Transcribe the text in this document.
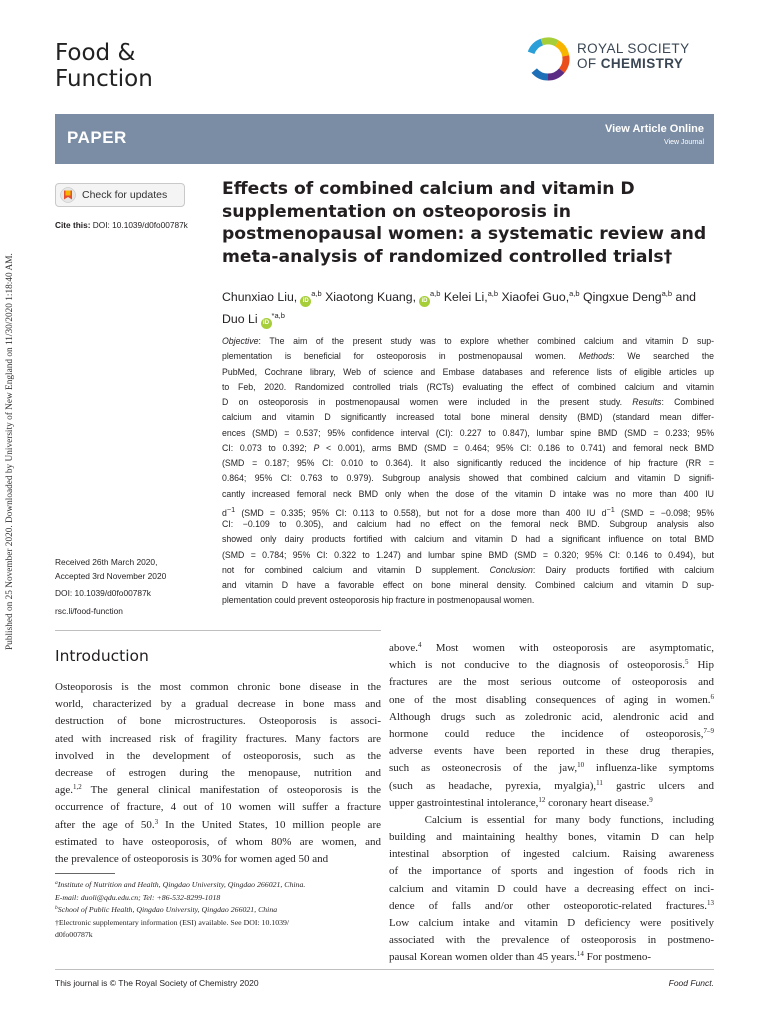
Published on 25 November 2020. Downloaded by University of New England on 11/30/2020 1:18:40 AM.
Food &
Function
ROYAL SOCIETY
OF CHEMISTRY
PAPER	View Article Online
View Journal
Check for updates
Cite this: DOI: 10.1039/d0fo00787k
Effects of combined calcium and vitamin D supplementation on osteoporosis in postmenopausal women: a systematic review and meta-analysis of randomized controlled trials†
Chunxiao Liu, iD$^{a,b}$ Xiaotong Kuang, iD$^{a,b}$ Kelei Li,$^{a,b}$ Xiaofei Guo,$^{a,b}$ Qingxue Deng$^{a,b}$ and Duo Li iD$^{*a,b}$
Objective: The aim of the present study was to explore whether combined calcium and vitamin D sup-
plementation is beneficial for osteoporosis in postmenopausal women. Methods: We searched the
PubMed, Cochrane library, Web of science and Embase databases and reference lists of eligible articles up
to Feb, 2020. Randomized controlled trials (RCTs) evaluating the effect of combined calcium and vitamin
D on osteoporosis in postmenopausal women were included in the present study. Results: Combined
calcium and vitamin D significantly increased total bone mineral density (BMD) (standard mean differ-
ences (SMD) = 0.537; 95% confidence interval (CI): 0.227 to 0.847), lumbar spine BMD (SMD = 0.233; 95%
CI: 0.073 to 0.392; P < 0.001), arms BMD (SMD = 0.464; 95% CI: 0.186 to 0.741) and femoral neck BMD
(SMD = 0.187; 95% CI: 0.010 to 0.364). It also significantly reduced the incidence of hip fracture (RR =
0.864; 95% CI: 0.763 to 0.979). Subgroup analysis showed that combined calcium and vitamin D signifi-
cantly increased femoral neck BMD only when the dose of the vitamin D intake was no more than 400 IU
$d^{-1}$ (SMD = 0.335; 95% CI: 0.113 to 0.558), but not for a dose more than 400 IU $d^{-1}$ (SMD = −0.098; 95%
CI: −0.109 to 0.305), and calcium had no effect on the femoral neck BMD. Subgroup analysis also
showed only dairy products fortified with calcium and vitamin D had a significant influence on total BMD
(SMD = 0.784; 95% CI: 0.322 to 1.247) and lumbar spine BMD (SMD = 0.320; 95% CI: 0.146 to 0.494), but
not for combined calcium and vitamin D supplement. Conclusion: Dairy products fortified with calcium
and vitamin D have a favorable effect on bone mineral density. Combined calcium and vitamin D sup-
plementation could prevent osteoporosis hip fracture in postmenopausal women.
Received 26th March 2020,
Accepted 3rd November 2020
DOI: 10.1039/d0fo00787k
rsc.li/food-function
Introduction
Osteoporosis is the most common chronic bone disease in the
world, characterized by a gradual decrease in bone mass and
destruction of bone microstructures. Osteoporosis is associ-
ated with increased risk of fragility fractures. Many factors are
involved in the development of osteoporosis, such as the
decrease of estrogen during the menopause, nutrition and
age.$^{1,2}$ The general clinical manifestation of osteoporosis is the
occurrence of fracture, 4 out of 10 women will suffer a fracture
after the age of 50.$^3$ In the United States, 10 million people are
estimated to have osteoporosis, of whom 80% are women, and
the prevalence of osteoporosis is 30% for women aged 50 and
above.$^4$ Most women with osteoporosis are asymptomatic,
which is not conducive to the diagnosis of osteoporosis.$^5$ Hip
fractures are the most serious outcome of osteoporosis and
one of the most disabling consequences of aging in women.$^6$
Although drugs such as zoledronic acid, alendronic acid and
hormone could reduce the incidence of osteoporosis,$^{7-9}$
adverse events have been reported in these drug therapies,
such as osteonecrosis of the jaw,$^{10}$ influenza-like symptoms
(such as headache, pyrexia, myalgia),$^{11}$ gastric ulcers and
upper gastrointestinal intolerance,$^{12}$ coronary heart disease.$^9$
Calcium is essential for many body functions, including
building and maintaining healthy bones, vitamin D can help
intestinal absorption of ingested calcium. Raising awareness
of the importance of sports and ingestion of foods rich in
calcium and vitamin D could have a decreasing effect on inci-
dence of falls and/or other osteoporotic-related fractures.$^{13}$
Low calcium intake and vitamin D deficiency were positively
associated with the prevalence of osteoporosis in postmeno-
pausal Korean women older than 45 years.$^{14}$ For postmeno-
$^a$Institute of Nutrition and Health, Qingdao University, Qingdao 266021, China.
E-mail: duoli@qdu.edu.cn; Tel: +86-532-8299-1018
$^b$School of Public Health, Qingdao University, Qingdao 266021, China
†Electronic supplementary information (ESI) available. See DOI: 10.1039/
d0fo00787k
This journal is © The Royal Society of Chemistry 2020	Food Funct.
